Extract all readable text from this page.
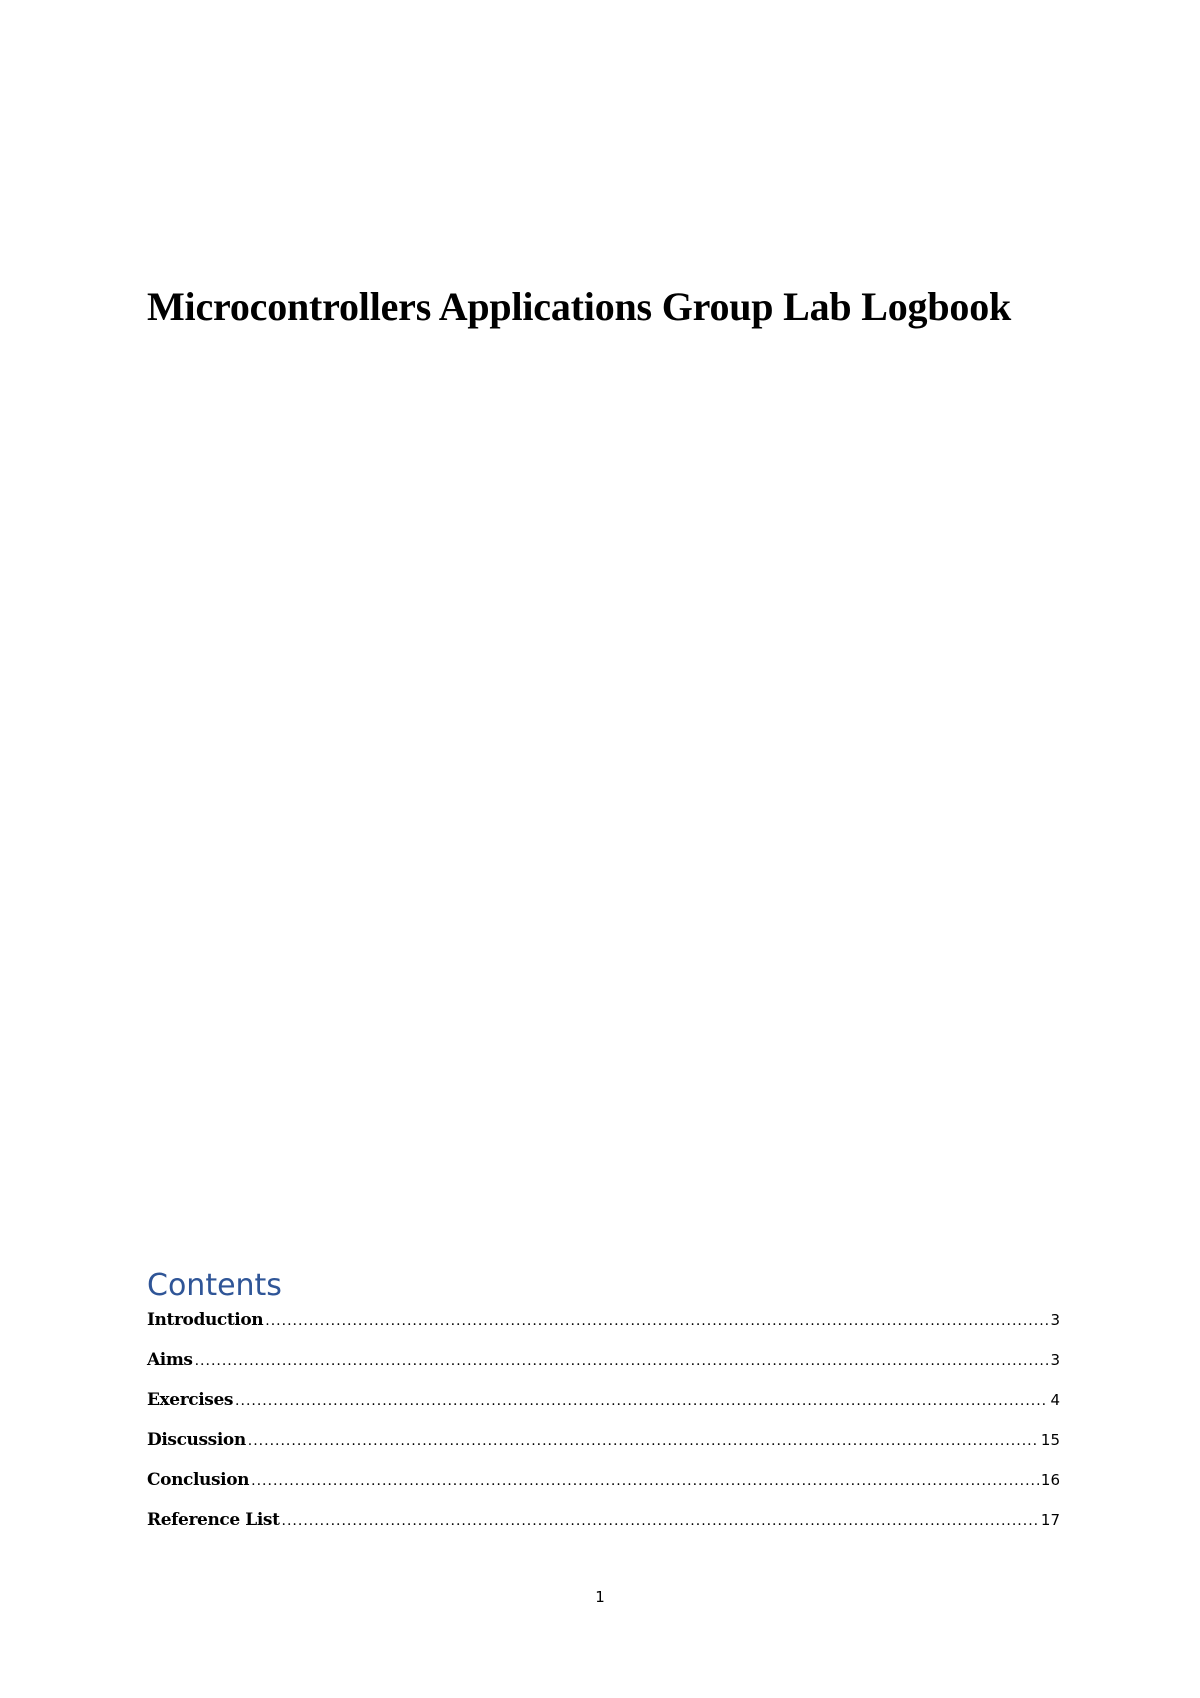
Microcontrollers Applications Group Lab Logbook
Contents
Introduction .....	3
Aims .....	3
Exercises .....	4
Discussion .....	15
Conclusion .....	16
Reference List .....	17
1
